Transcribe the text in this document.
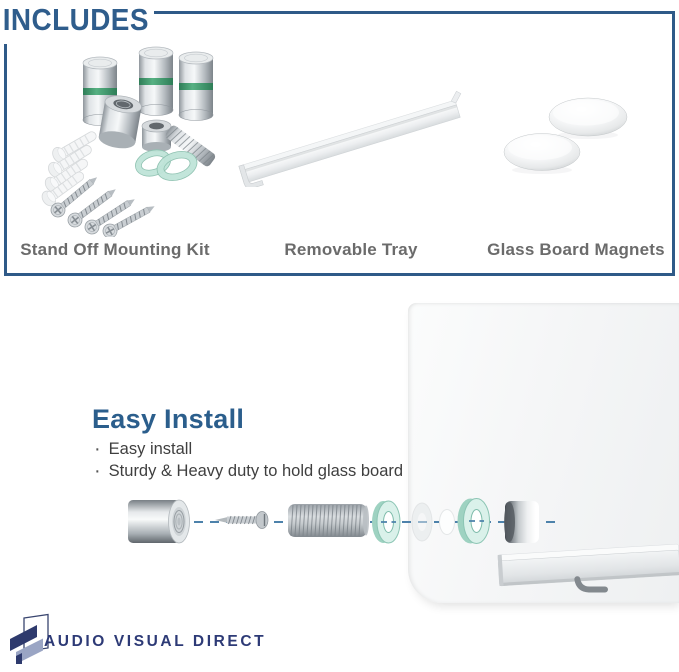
INCLUDES
Stand Off Mounting Kit	Removable Tray	Glass Board Magnets
Easy Install
· Easy install
· Sturdy & Heavy duty to hold glass board
AUDIO VISUAL DIRECT
